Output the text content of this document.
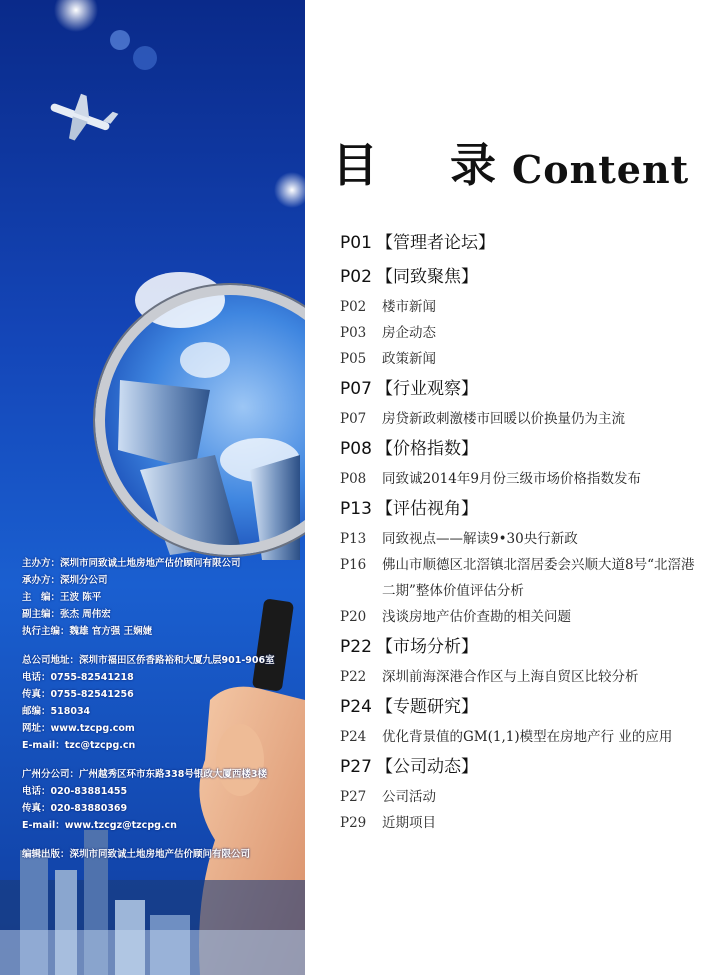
主办方：深圳市同致诚土地房地产估价顾问有限公司
承办方：深圳分公司
主　编：王波 陈平
副主编：张杰 周伟宏
执行主编：魏雄 官方强 王娴婕
总公司地址：深圳市福田区侨香路裕和大厦九层901-906室
电话：0755-82541218
传真：0755-82541256
邮编：518034
网址：www.tzcpg.com
E-mail：tzc@tzcpg.cn
广州分公司：广州越秀区环市东路338号银政大厦西楼3楼
电话：020-83881455
传真：020-83880369
E-mail：www.tzcgz@tzcpg.cn
编辑出版：深圳市同致诚土地房地产估价顾问有限公司
目 录
Content
P01 【管理者论坛】
P02 【同致聚焦】
P02	楼市新闻
P03	房企动态
P05	政策新闻
P07 【行业观察】
P07	房贷新政刺激楼市回暖以价换量仍为主流
P08 【价格指数】
P08	同致诚2014年9月份三级市场价格指数发布
P13 【评估视角】
P13	同致视点——解读9•30央行新政
P16	佛山市顺德区北滘镇北滘居委会兴顺大道8号“北滘港二期”整体价值评估分析
P20	浅谈房地产估价查勘的相关问题
P22 【市场分析】
P22	深圳前海深港合作区与上海自贸区比较分析
P24 【专题研究】
P24	优化背景值的GM(1,1)模型在房地产行 业的应用
P27 【公司动态】
P27	公司活动
P29	近期项目
